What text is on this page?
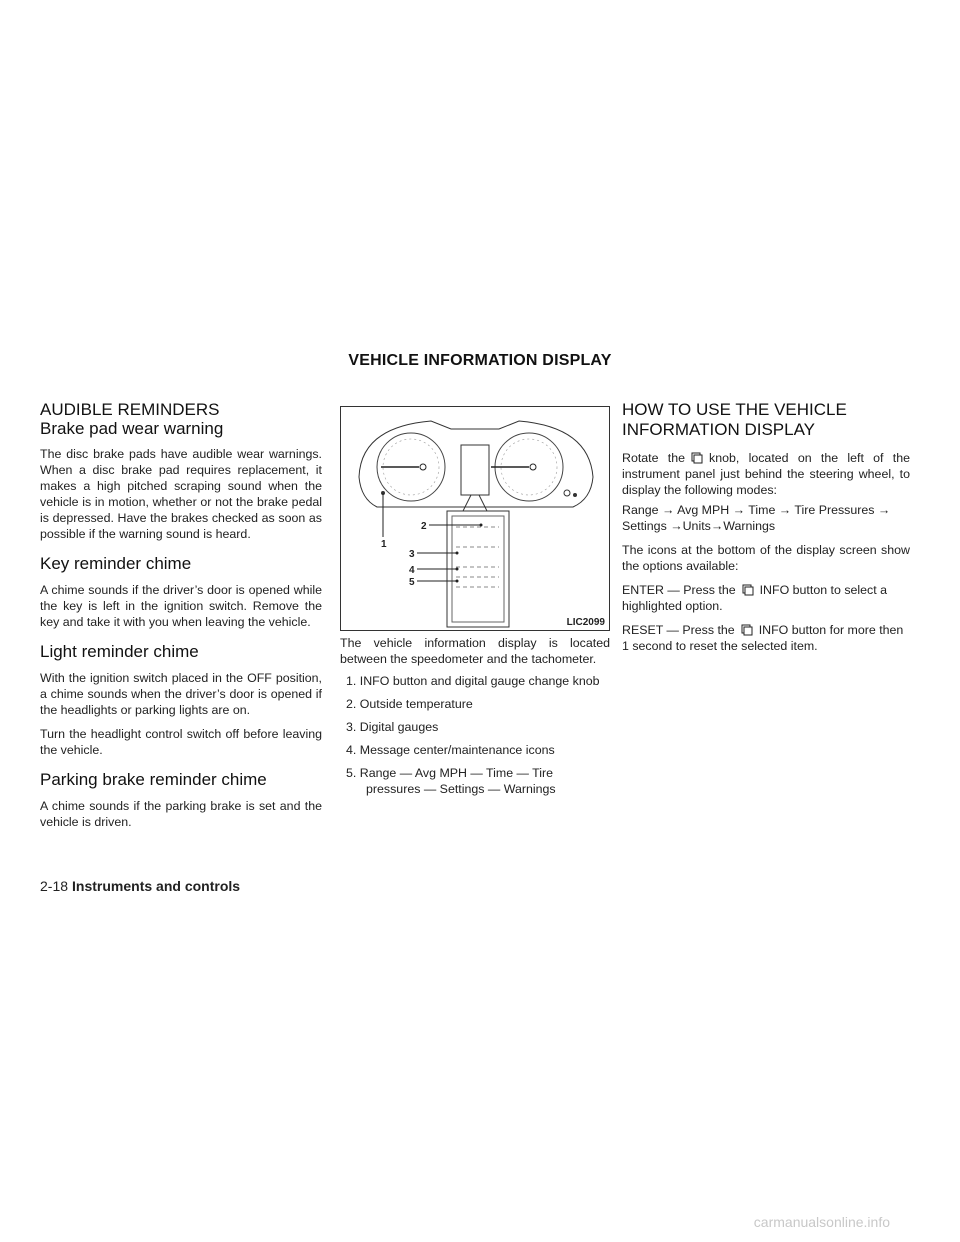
VEHICLE INFORMATION DISPLAY
AUDIBLE REMINDERS
Brake pad wear warning

The disc brake pads have audible wear warnings. When a disc brake pad requires replacement, it makes a high pitched scraping sound when the vehicle is in motion, whether or not the brake pedal is depressed. Have the brakes checked as soon as possible if the warning sound is heard.

Key reminder chime

A chime sounds if the driver’s door is opened while the key is left in the ignition switch. Remove the key and take it with you when leaving the vehicle.

Light reminder chime

With the ignition switch placed in the OFF position, a chime sounds when the driver’s door is opened if the headlights or parking lights are on.

Turn the headlight control switch off before leaving the vehicle.

Parking brake reminder chime

A chime sounds if the parking brake is set and the vehicle is driven.

1
2
3
4
5
LIC2099

The vehicle information display is located between the speedometer and the tachometer.

1. INFO button and digital gauge change knob
2. Outside temperature
3. Digital gauges
4. Message center/maintenance icons
5. Range — Avg MPH — Time — Tire pressures — Settings — Warnings
HOW TO USE THE VEHICLE INFORMATION DISPLAY

Rotate the knob, located on the left of the instrument panel just behind the steering wheel, to display the following modes:

Range → Avg MPH → Time → Tire Pressures → Settings →Units→Warnings

The icons at the bottom of the display screen show the options available:

ENTER — Press the INFO button to select a highlighted option.

RESET — Press the INFO button for more then 1 second to reset the selected item.

2-18 Instruments and controls
carmanualsonline.info
